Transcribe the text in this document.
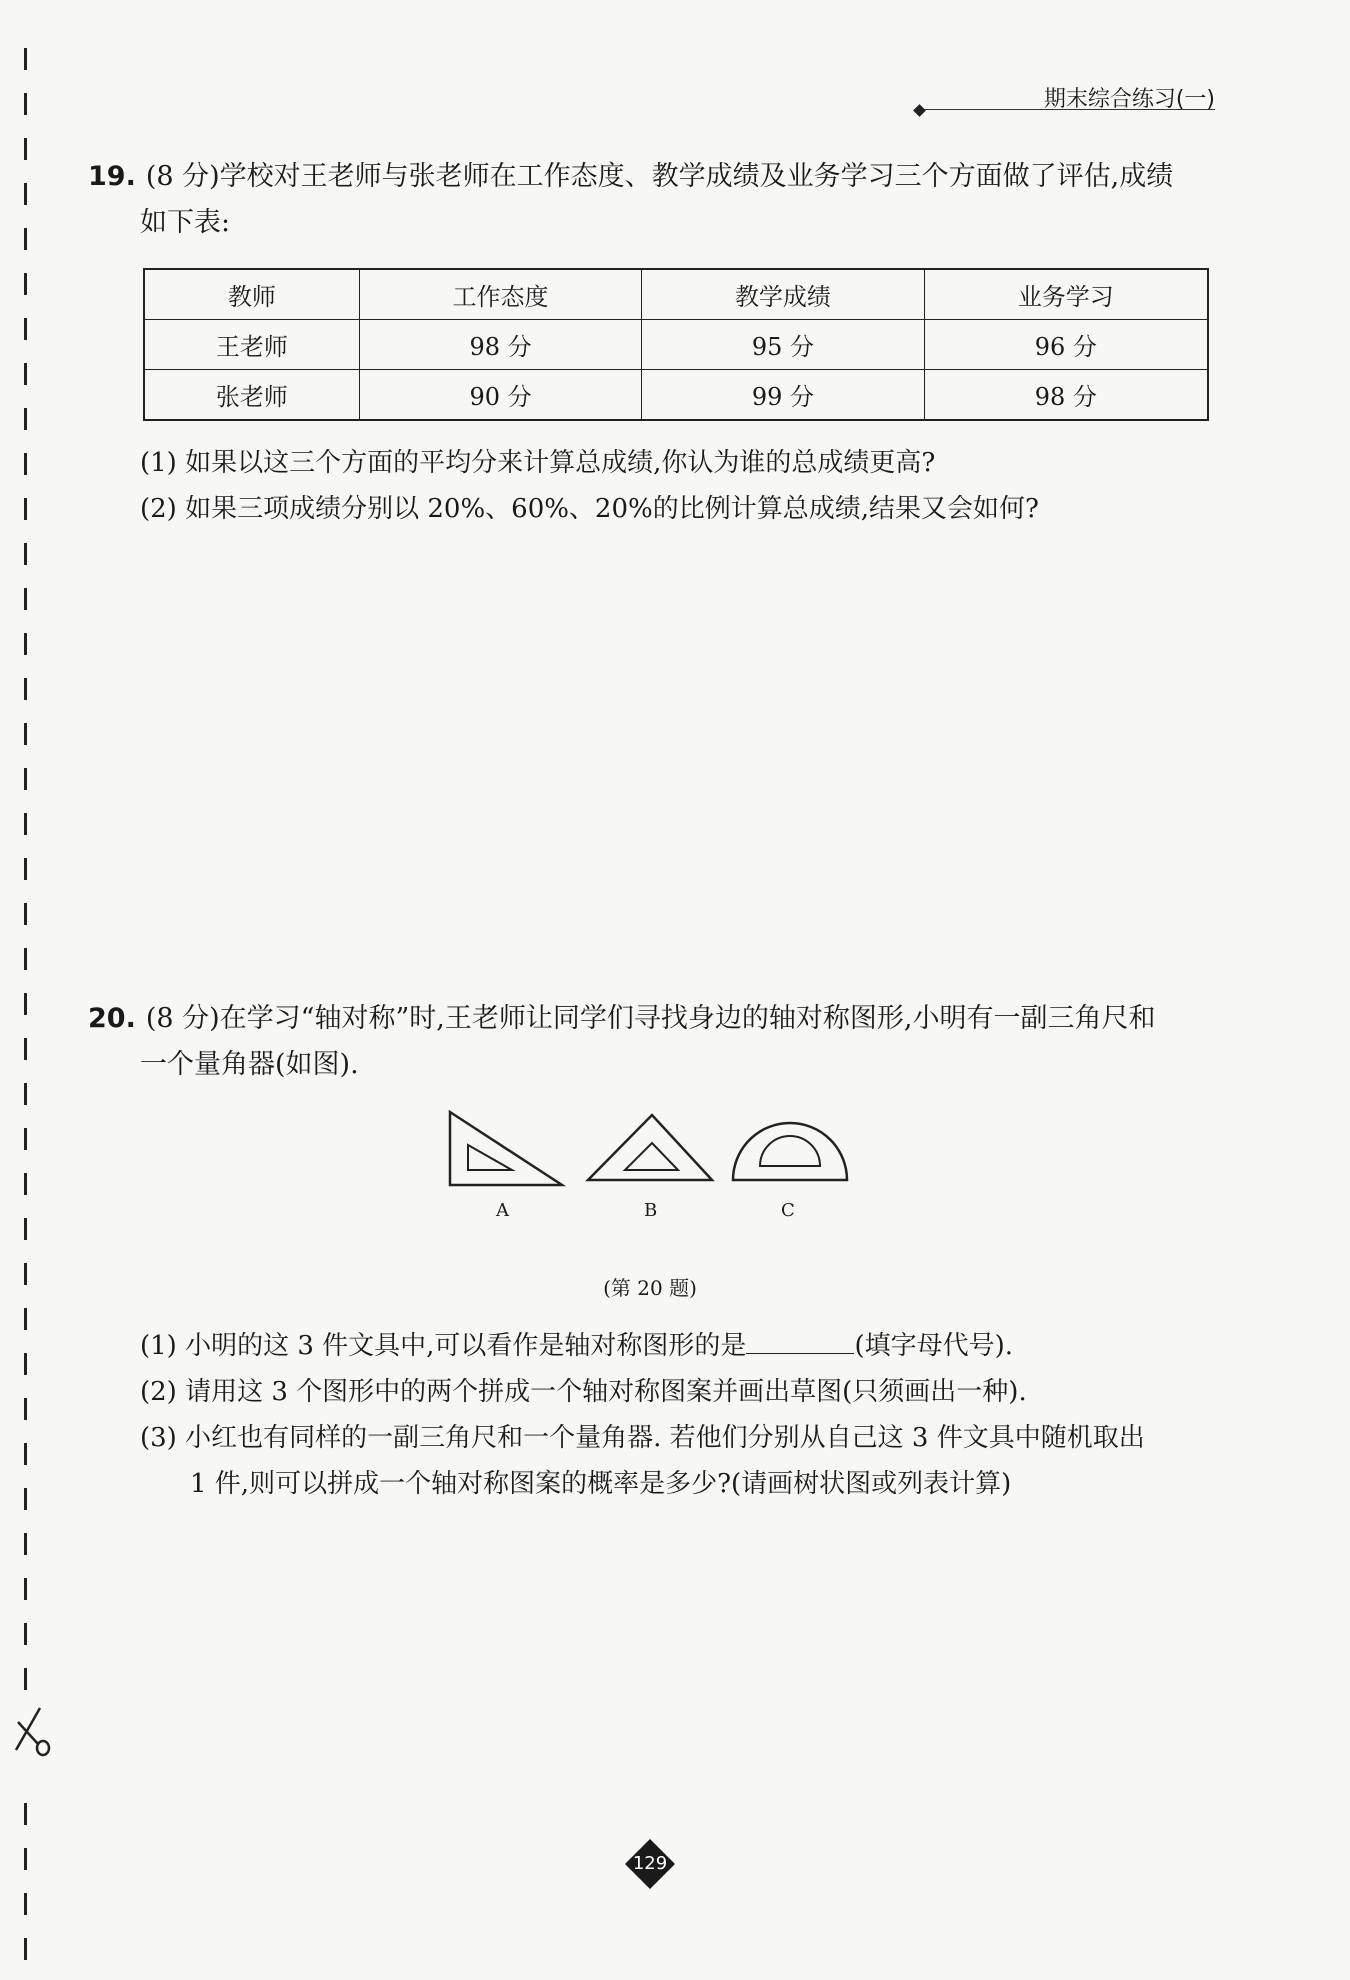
期末综合练习(一)
19. (8 分)学校对王老师与张老师在工作态度、教学成绩及业务学习三个方面做了评估,成绩
如下表:
教师	工作态度	教学成绩	业务学习
王老师	98 分	95 分	96 分
张老师	90 分	99 分	98 分
(1) 如果以这三个方面的平均分来计算总成绩,你认为谁的总成绩更高?
(2) 如果三项成绩分别以 20%、60%、20%的比例计算总成绩,结果又会如何?
20. (8 分)在学习“轴对称”时,王老师让同学们寻找身边的轴对称图形,小明有一副三角尺和
一个量角器(如图).
A	B	C
(第 20 题)
(1) 小明的这 3 件文具中,可以看作是轴对称图形的是	(填字母代号).
(2) 请用这 3 个图形中的两个拼成一个轴对称图案并画出草图(只须画出一种).
(3) 小红也有同样的一副三角尺和一个量角器. 若他们分别从自己这 3 件文具中随机取出
1 件,则可以拼成一个轴对称图案的概率是多少?(请画树状图或列表计算)
129
